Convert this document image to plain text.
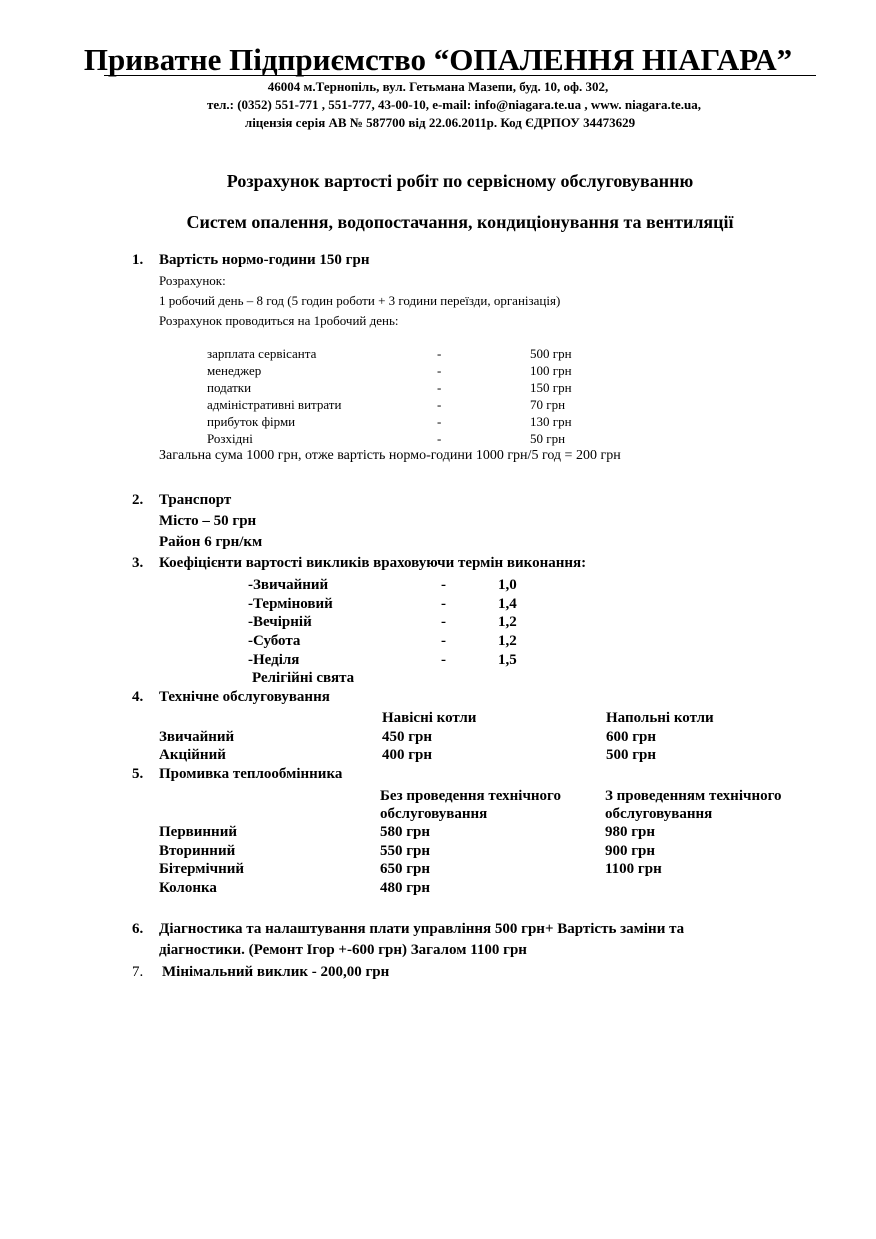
Приватне Підприємство “ОПАЛЕННЯ НІАГАРА”
46004 м.Тернопіль, вул. Гетьмана Мазепи, буд. 10, оф. 302,
тел.: (0352) 551-771 , 551-777, 43-00-10, e-mail: info@niagara.te.ua , www. niagara.te.ua,
ліцензія серія АВ № 587700 від 22.06.2011р. Код ЄДРПОУ 34473629
Розрахунок вартості робіт по сервісному обслуговуванню
Систем опалення, водопостачання, кондиціонування та вентиляції
1. Вартість нормо-години 150 грн
Розрахунок:
1 робочий день – 8 год (5 годин роботи + 3 години переїзди, організація)
Розрахунок проводиться на 1робочий день:
зарплата сервісанта	-	500 грн
менеджер	-	100 грн
податки	-	150 грн
адміністративні витрати	-	70 грн
прибуток фірми	-	130 грн
Розхідні	-	50 грн
Загальна сума 1000 грн, отже вартість нормо-години 1000 грн/5 год = 200 грн
2. Транспорт
Місто – 50 грн
Район 6 грн/км
3. Коефіцієнти вартості викликів враховуючи термін виконання:
-Звичайний	-	1,0
-Терміновий	-	1,4
-Вечірній	-	1,2
-Субота	-	1,2
-Неділя	-	1,5
Релігійні свята
4. Технічне обслуговування
Навісні котли	Напольні котли
Звичайний	450 грн	600 грн
Акційний	400 грн	500 грн
5. Промивка теплообмінника
Без проведення технічного
обслуговування
З проведенням технічного
обслуговування
Первинний	580 грн	980 грн
Вторинний	550 грн	900 грн
Бітермічний	650 грн	1100 грн
Колонка	480 грн
6. Діагностика та налаштування плати управління 500 грн+ Вартість заміни та
діагностики. (Ремонт Ігор +-600 грн) Загалом 1100 грн
7. Мінімальний виклик - 200,00 грн
